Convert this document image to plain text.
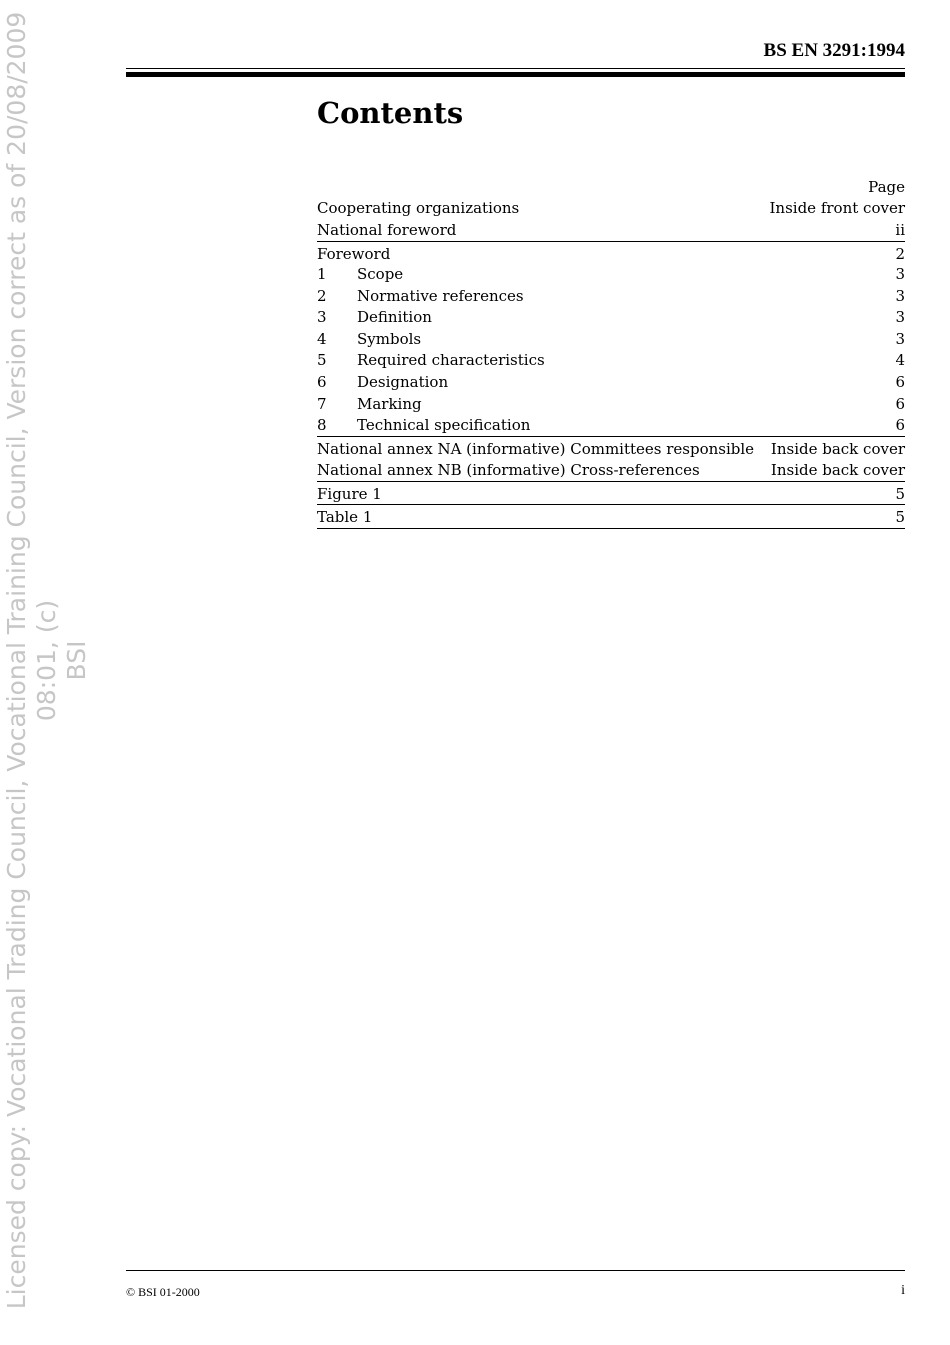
Licensed copy: Vocational Trading Council, Vocational Training Council, Version correct as of 20/08/2009 08:01, (c)
BSI
BS EN 3291:1994
Contents
Page
Cooperating organizations	Inside front cover
National foreword	ii
Foreword	2
1	Scope	3
2	Normative references	3
3	Definition	3
4	Symbols	3
5	Required characteristics	4
6	Designation	6
7	Marking	6
8	Technical specification	6
National annex NA (informative) Committees responsible Inside back cover
National annex NB (informative) Cross-references	Inside back cover
Figure 1	5
Table 1	5
© BSI 01-2000	i
